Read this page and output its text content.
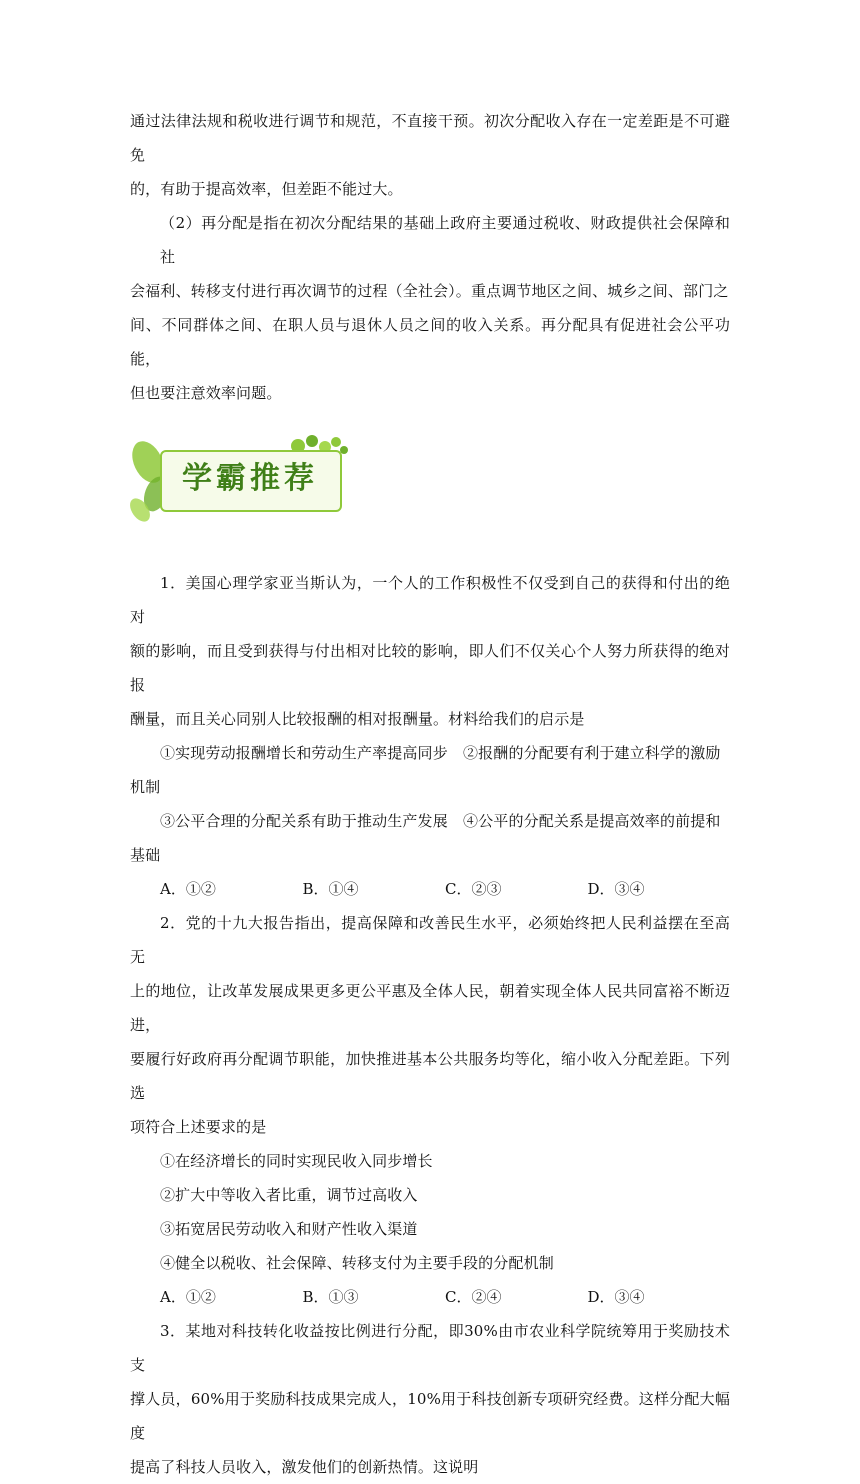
通过法律法规和税收进行调节和规范，不直接干预。初次分配收入存在一定差距是不可避免

的，有助于提高效率，但差距不能过大。

（2）再分配是指在初次分配结果的基础上政府主要通过税收、财政提供社会保障和社

会福利、转移支付进行再次调节的过程（全社会）。重点调节地区之间、城乡之间、部门之

间、不同群体之间、在职人员与退休人员之间的收入关系。再分配具有促进社会公平功能，

但也要注意效率问题。

学霸推荐

1．美国心理学家亚当斯认为，一个人的工作积极性不仅受到自己的获得和付出的绝对

额的影响，而且受到获得与付出相对比较的影响，即人们不仅关心个人努力所获得的绝对报

酬量，而且关心同别人比较报酬的相对报酬量。材料给我们的启示是

①实现劳动报酬增长和劳动生产率提高同步　②报酬的分配要有利于建立科学的激励

机制

③公平合理的分配关系有助于推动生产发展　④公平的分配关系是提高效率的前提和

基础

A．①②	B．①④	C．②③	D．③④

2．党的十九大报告指出，提高保障和改善民生水平，必须始终把人民利益摆在至高无

上的地位，让改革发展成果更多更公平惠及全体人民，朝着实现全体人民共同富裕不断迈进，

要履行好政府再分配调节职能，加快推进基本公共服务均等化，缩小收入分配差距。下列选

项符合上述要求的是

①在经济增长的同时实现民收入同步增长

②扩大中等收入者比重，调节过高收入

③拓宽居民劳动收入和财产性收入渠道

④健全以税收、社会保障、转移支付为主要手段的分配机制

A．①②	B．①③	C．②④	D．③④

3．某地对科技转化收益按比例进行分配，即30%由市农业科学院统筹用于奖励技术支

撑人员，60%用于奖励科技成果完成人，10%用于科技创新专项研究经费。这样分配大幅度

提高了科技人员收入，激发他们的创新热情。这说明
